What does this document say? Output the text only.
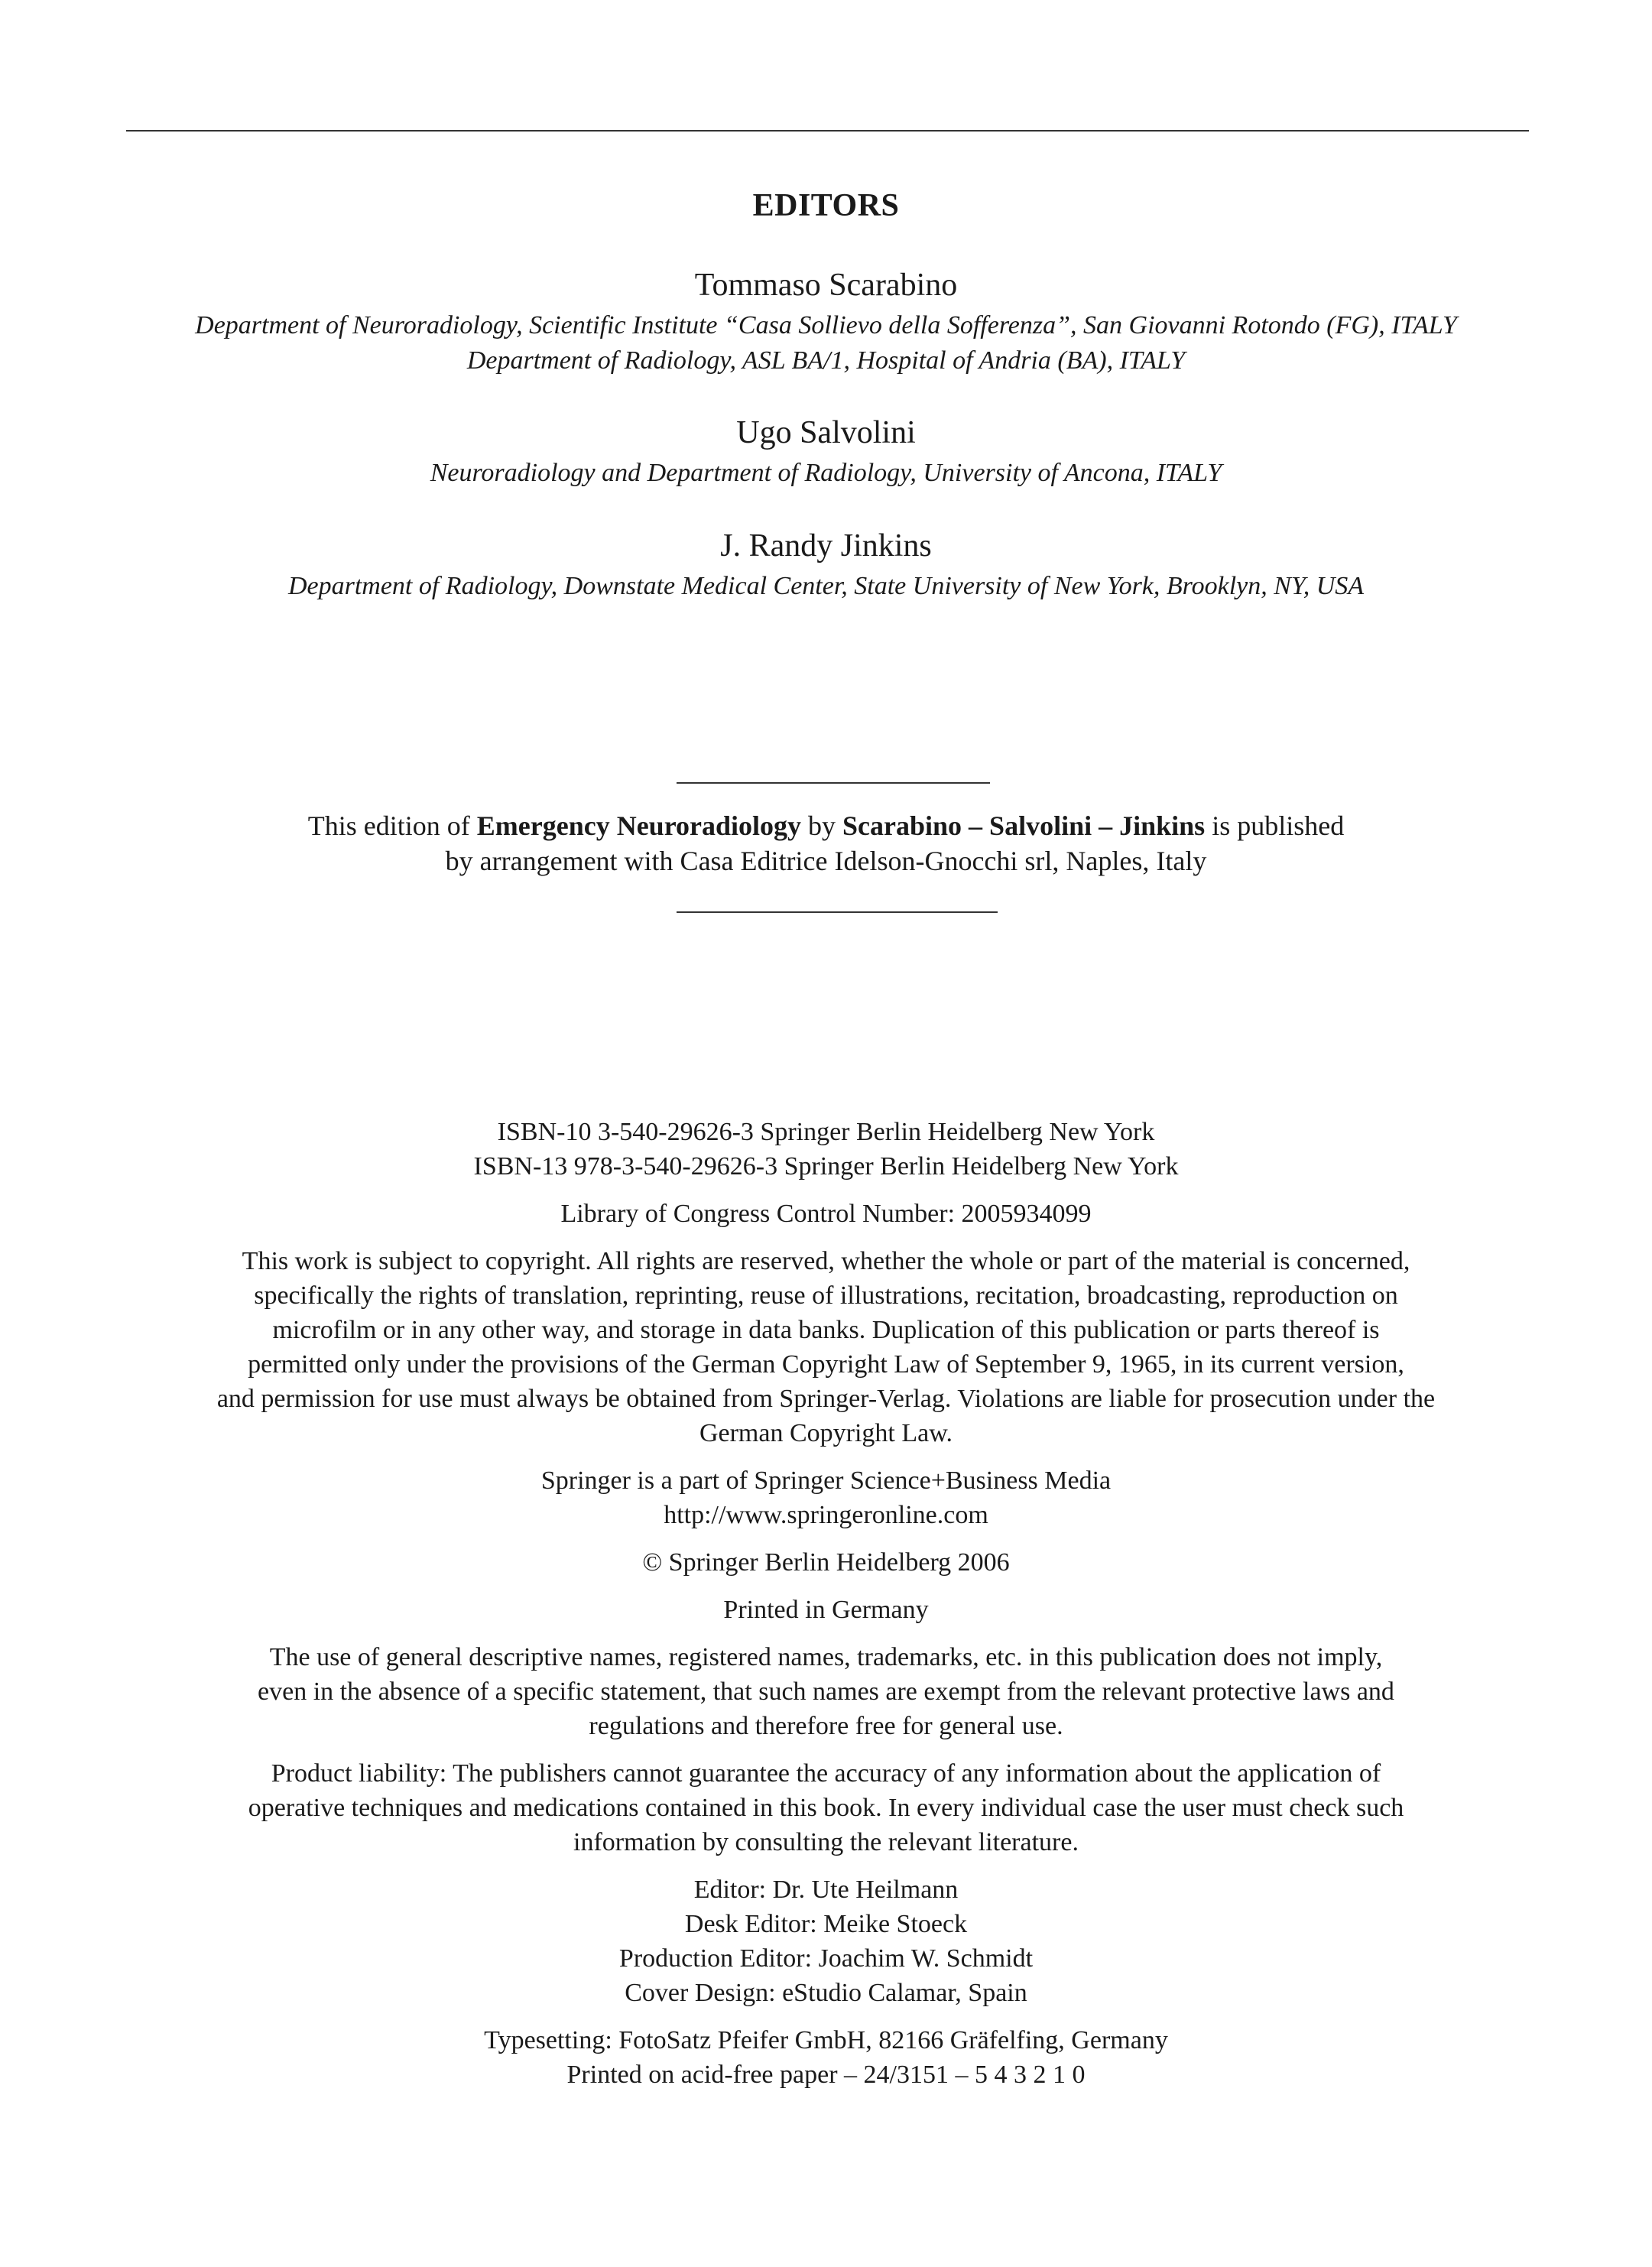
EDITORS
Tommaso Scarabino
Department of Neuroradiology, Scientific Institute “Casa Sollievo della Sofferenza”, San Giovanni Rotondo (FG), ITALY
Department of Radiology, ASL BA/1, Hospital of Andria (BA), ITALY
Ugo Salvolini
Neuroradiology and Department of Radiology, University of Ancona, ITALY
J. Randy Jinkins
Department of Radiology, Downstate Medical Center, State University of New York, Brooklyn, NY, USA
This edition of Emergency Neuroradiology by Scarabino – Salvolini – Jinkins is published
by arrangement with Casa Editrice Idelson-Gnocchi srl, Naples, Italy

ISBN-10 3-540-29626-3 Springer Berlin Heidelberg New York
ISBN-13 978-3-540-29626-3 Springer Berlin Heidelberg New York

Library of Congress Control Number: 2005934099

This work is subject to copyright. All rights are reserved, whether the whole or part of the material is concerned,
specifically the rights of translation, reprinting, reuse of illustrations, recitation, broadcasting, reproduction on
microfilm or in any other way, and storage in data banks. Duplication of this publication or parts thereof is
permitted only under the provisions of the German Copyright Law of September 9, 1965, in its current version,
and permission for use must always be obtained from Springer-Verlag. Violations are liable for prosecution under the
German Copyright Law.

Springer is a part of Springer Science+Business Media
http://www.springeronline.com

© Springer Berlin Heidelberg 2006

Printed in Germany

The use of general descriptive names, registered names, trademarks, etc. in this publication does not imply,
even in the absence of a specific statement, that such names are exempt from the relevant protective laws and
regulations and therefore free for general use.

Product liability: The publishers cannot guarantee the accuracy of any information about the application of
operative techniques and medications contained in this book. In every individual case the user must check such
information by consulting the relevant literature.

Editor: Dr. Ute Heilmann
Desk Editor: Meike Stoeck
Production Editor: Joachim W. Schmidt
Cover Design: eStudio Calamar, Spain

Typesetting: FotoSatz Pfeifer GmbH, 82166 Gräfelfing, Germany
Printed on acid-free paper – 24/3151 – 5 4 3 2 1 0
